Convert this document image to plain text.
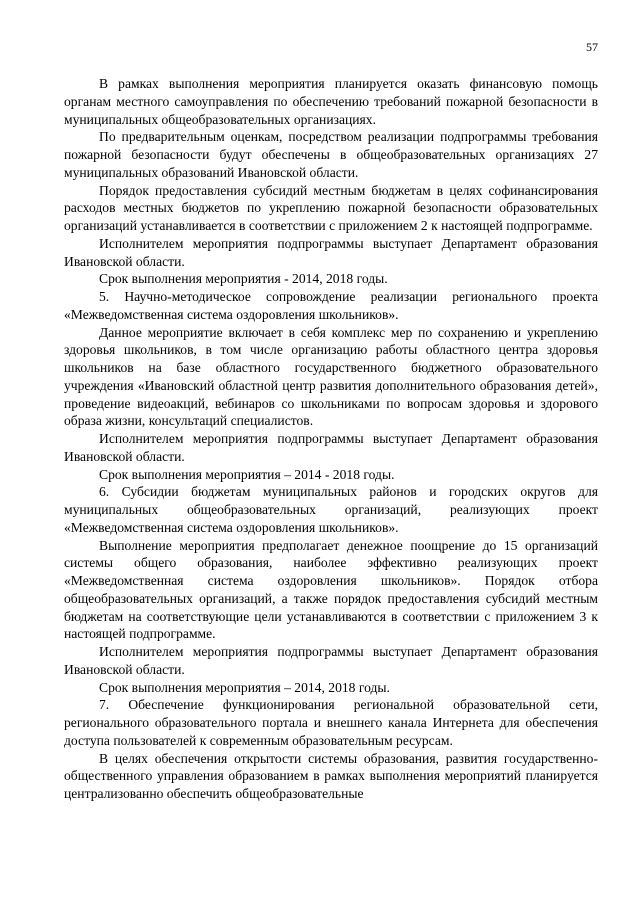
57

В рамках выполнения мероприятия планируется оказать финансовую помощь органам местного самоуправления по обеспечению требований пожарной безопасности в муниципальных общеобразовательных организациях.

По предварительным оценкам, посредством реализации подпрограммы требования пожарной безопасности будут обеспечены в общеобразовательных организациях 27 муниципальных образований Ивановской области.

Порядок предоставления субсидий местным бюджетам в целях софинансирования расходов местных бюджетов по укреплению пожарной безопасности образовательных организаций устанавливается в соответствии с приложением 2 к настоящей подпрограмме.

Исполнителем мероприятия подпрограммы выступает Департамент образования Ивановской области.

Срок выполнения мероприятия - 2014, 2018 годы.

5. Научно-методическое сопровождение реализации регионального проекта «Межведомственная система оздоровления школьников».

Данное мероприятие включает в себя комплекс мер по сохранению и укреплению здоровья школьников, в том числе организацию работы областного центра здоровья школьников на базе областного государственного бюджетного образовательного учреждения «Ивановский областной центр развития дополнительного образования детей», проведение видеоакций, вебинаров со школьниками по вопросам здоровья и здорового образа жизни, консультаций специалистов.

Исполнителем мероприятия подпрограммы выступает Департамент образования Ивановской области.

Срок выполнения мероприятия – 2014 - 2018 годы.

6. Субсидии бюджетам муниципальных районов и городских округов для муниципальных общеобразовательных организаций, реализующих проект «Межведомственная система оздоровления школьников».

Выполнение мероприятия предполагает денежное поощрение до 15 организаций системы общего образования, наиболее эффективно реализующих проект «Межведомственная система оздоровления школьников». Порядок отбора общеобразовательных организаций, а также порядок предоставления субсидий местным бюджетам на соответствующие цели устанавливаются в соответствии с приложением 3 к настоящей подпрограмме.

Исполнителем мероприятия подпрограммы выступает Департамент образования Ивановской области.

Срок выполнения мероприятия – 2014, 2018 годы.

7. Обеспечение функционирования региональной образовательной сети, регионального образовательного портала и внешнего канала Интернета для обеспечения доступа пользователей к современным образовательным ресурсам.

В целях обеспечения открытости системы образования, развития государственно-общественного управления образованием в рамках выполнения мероприятий планируется централизованно обеспечить общеобразовательные
